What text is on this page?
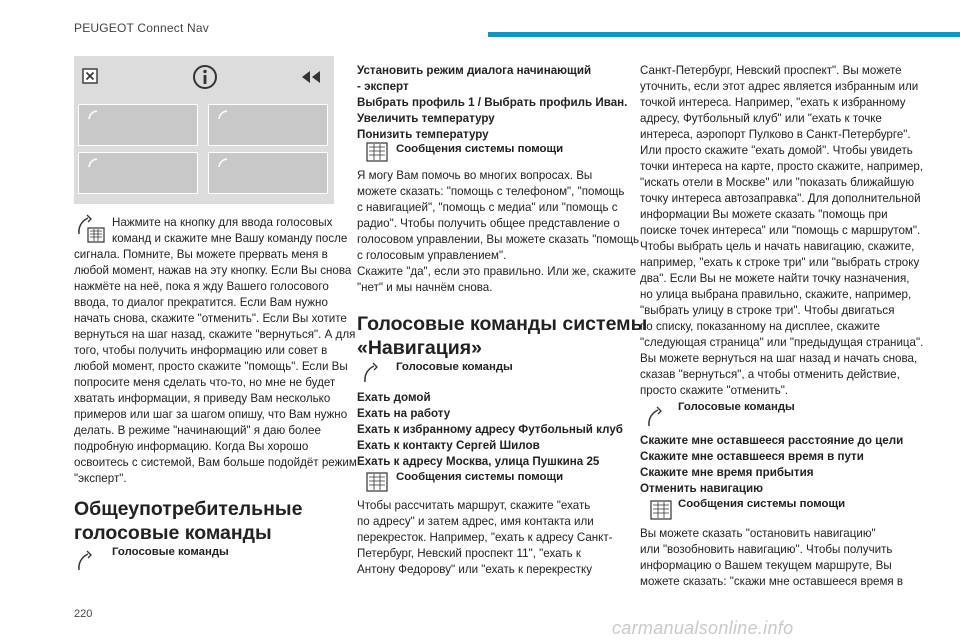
PEUGEOT Connect Nav
Нажмите на кнопку для ввода голосовых
команд и скажите мне Вашу команду после
сигнала. Помните, Вы можете прервать меня в
любой момент, нажав на эту кнопку. Если Вы снова
нажмёте на неё, пока я жду Вашего голосового
ввода, то диалог прекратится. Если Вам нужно
начать снова, скажите "отменить". Если Вы хотите
вернуться на шаг назад, скажите "вернуться". А для
того, чтобы получить информацию или совет в
любой момент, просто скажите "помощь". Если Вы
попросите меня сделать что-то, но мне не будет
хватать информации, я приведу Вам несколько
примеров или шаг за шагом опишу, что Вам нужно
делать. В режиме "начинающий" я даю более
подробную информацию. Когда Вы хорошо
освоитесь с системой, Вам больше подойдёт режим
"эксперт".
Общеупотребительные
голосовые команды
Голосовые команды
Установить режим диалога начинающий
- эксперт
Выбрать профиль 1 / Выбрать профиль Иван.
Увеличить температуру
Понизить температуру
Сообщения системы помощи
Я могу Вам помочь во многих вопросах. Вы
можете сказать: "помощь с телефоном", "помощь
с навигацией", "помощь с медиа" или "помощь с
радио". Чтобы получить общее представление о
голосовом управлении, Вы можете сказать "помощь
с голосовым управлением".
Скажите "да", если это правильно. Или же, скажите
"нет" и мы начнём снова.
Голосовые команды системы
«Навигация»
Голосовые команды
Ехать домой
Ехать на работу
Ехать к избранному адресу Футбольный клуб
Ехать к контакту Сергей Шилов
Ехать к адресу Москва, улица Пушкина 25
Сообщения системы помощи
Чтобы рассчитать маршрут, скажите "ехать
по адресу" и затем адрес, имя контакта или
перекресток. Например, "ехать к адресу Санкт-
Петербург, Невский проспект 11", "ехать к
Антону Федорову" или "ехать к перекрестку
Санкт-Петербург, Невский проспект". Вы можете
уточнить, если этот адрес является избранным или
точкой интереса. Например, "ехать к избранному
адресу, Футбольный клуб" или "ехать к точке
интереса, аэропорт Пулково в Санкт-Петербурге".
Или просто скажите "ехать домой". Чтобы увидеть
точки интереса на карте, просто скажите, например,
"искать отели в Москве" или "показать ближайшую
точку интереса автозаправка". Для дополнительной
информации Вы можете сказать "помощь при
поиске точек интереса" или "помощь с маршрутом".
Чтобы выбрать цель и начать навигацию, скажите,
например, "ехать к строке три" или "выбрать строку
два". Если Вы не можете найти точку назначения,
но улица выбрана правильно, скажите, например,
"выбрать улицу в строке три". Чтобы двигаться
по списку, показанному на дисплее, скажите
"следующая страница" или "предыдущая страница".
Вы можете вернуться на шаг назад и начать снова,
сказав "вернуться", а чтобы отменить действие,
просто скажите "отменить".
Голосовые команды
Скажите мне оставшееся расстояние до цели
Скажите мне оставшееся время в пути
Скажите мне время прибытия
Отменить навигацию
Сообщения системы помощи
Вы можете сказать "остановить навигацию"
или "возобновить навигацию". Чтобы получить
информацию о Вашем текущем маршруте, Вы
можете сказать: "скажи мне оставшееся время в
220
carmanualsonline.info
